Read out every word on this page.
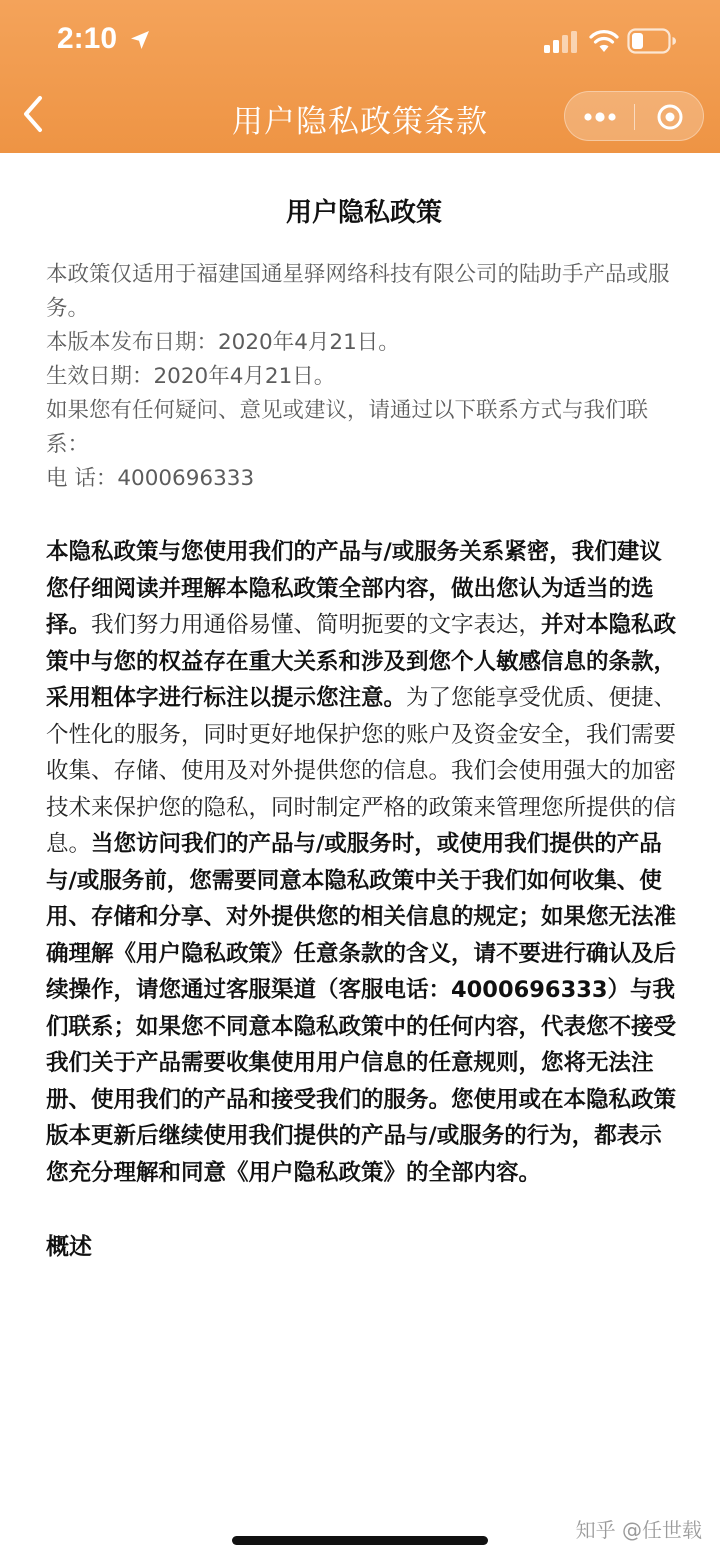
2:10
用户隐私政策条款
用户隐私政策

本政策仅适用于福建国通星驿网络科技有限公司的陆助手产品或服务。

本版本发布日期：2020年4月21日。

生效日期：2020年4月21日。

如果您有任何疑问、意见或建议，请通过以下联系方式与我们联系：

电 话：4000696333

本隐私政策与您使用我们的产品与/或服务关系紧密，我们建议您仔细阅读并理解本隐私政策全部内容，做出您认为适当的选择。我们努力用通俗易懂、简明扼要的文字表达，并对本隐私政策中与您的权益存在重大关系和涉及到您个人敏感信息的条款，采用粗体字进行标注以提示您注意。为了您能享受优质、便捷、个性化的服务，同时更好地保护您的账户及资金安全，我们需要收集、存储、使用及对外提供您的信息。我们会使用强大的加密技术来保护您的隐私，同时制定严格的政策来管理您所提供的信息。当您访问我们的产品与/或服务时，或使用我们提供的产品与/或服务前，您需要同意本隐私政策中关于我们如何收集、使用、存储和分享、对外提供您的相关信息的规定；如果您无法准确理解《用户隐私政策》任意条款的含义，请不要进行确认及后续操作，请您通过客服渠道（客服电话：4000696333）与我们联系；如果您不同意本隐私政策中的任何内容，代表您不接受我们关于产品需要收集使用用户信息的任意规则，您将无法注册、使用我们的产品和接受我们的服务。您使用或在本隐私政策版本更新后继续使用我们提供的产品与/或服务的行为，都表示您充分理解和同意《用户隐私政策》的全部内容。
概述
知乎 @任世载
